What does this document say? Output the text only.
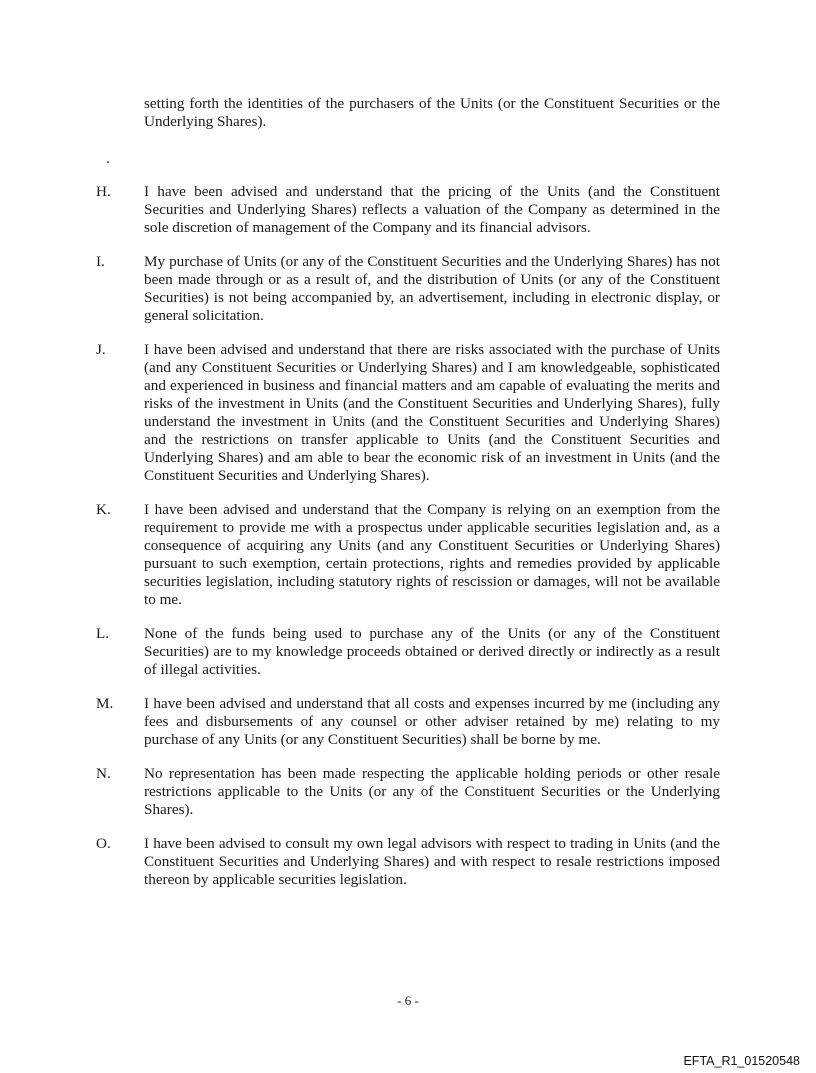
setting forth the identities of the purchasers of the Units (or the Constituent Securities or the Underlying Shares).
.
H.	I have been advised and understand that the pricing of the Units (and the Constituent Securities and Underlying Shares) reflects a valuation of the Company as determined in the sole discretion of management of the Company and its financial advisors.
I.	My purchase of Units (or any of the Constituent Securities and the Underlying Shares) has not been made through or as a result of, and the distribution of Units (or any of the Constituent Securities) is not being accompanied by, an advertisement, including in electronic display, or general solicitation.
J.	I have been advised and understand that there are risks associated with the purchase of Units (and any Constituent Securities or Underlying Shares) and I am knowledgeable, sophisticated and experienced in business and financial matters and am capable of evaluating the merits and risks of the investment in Units (and the Constituent Securities and Underlying Shares), fully understand the investment in Units (and the Constituent Securities and Underlying Shares) and the restrictions on transfer applicable to Units (and the Constituent Securities and Underlying Shares) and am able to bear the economic risk of an investment in Units (and the Constituent Securities and Underlying Shares).
K.	I have been advised and understand that the Company is relying on an exemption from the requirement to provide me with a prospectus under applicable securities legislation and, as a consequence of acquiring any Units (and any Constituent Securities or Underlying Shares) pursuant to such exemption, certain protections, rights and remedies provided by applicable securities legislation, including statutory rights of rescission or damages, will not be available to me.
L.	None of the funds being used to purchase any of the Units (or any of the Constituent Securities) are to my knowledge proceeds obtained or derived directly or indirectly as a result of illegal activities.
M.	I have been advised and understand that all costs and expenses incurred by me (including any fees and disbursements of any counsel or other adviser retained by me) relating to my purchase of any Units (or any Constituent Securities) shall be borne by me.
N.	No representation has been made respecting the applicable holding periods or other resale restrictions applicable to the Units (or any of the Constituent Securities or the Underlying Shares).
O.	I have been advised to consult my own legal advisors with respect to trading in Units (and the Constituent Securities and Underlying Shares) and with respect to resale restrictions imposed thereon by applicable securities legislation.
- 6 -
EFTA_R1_01520548
